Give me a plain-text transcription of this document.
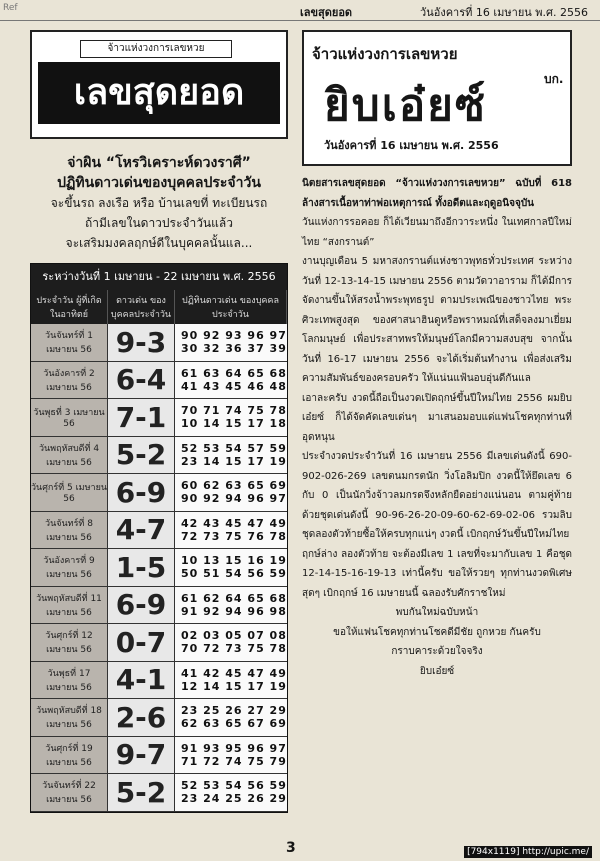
Ref	เลขสุดยอด	วันอังคารที่ 16 เมษายน พ.ศ. 2556
จ้าวแห่งวงการเลขหวย
เลขสุดยอด
จ่าผิน “โหรวิเคราะห์ดวงราศี”
ปฏิทินดาวเด่นของบุคคลประจำวัน
จะขึ้นรถ ลงเรือ หรือ บ้านเลขที่ ทะเบียนรถ
ถ้ามีเลขในดาวประจำวันแล้ว
จะเสริมมงคลฤกษ์ดีในบุคคลนั้นแล...
ระหว่างวันที่ 1 เมษายน - 22 เมษายน พ.ศ. 2556
ประจำวัน ผู้ที่เกิดในอาทิตย์
ดาวเด่น ของบุคคลประจำวัน
ปฏิทินดาวเด่น ของบุคคลประจำวัน
วันจันทร์ที่ 1 เมษายน 56 9-3	90 92 93 96 97
30 32 36 37 39
วันอังคารที่ 2 เมษายน 56 6-4	61 63 64 65 68
41 43 45 46 48
วันพุธที่ 3 เมษายน 56	7-1	70 71 74 75 78
10 14 15 17 18
วันพฤหัสบดีที่ 4 เมษายน 56 5-2	52 53 54 57 59
23 14 15 17 19
วันศุกร์ที่ 5 เมษายน 56	6-9	60 62 63 65 69
90 92 94 96 97
วันจันทร์ที่ 8 เมษายน 56 4-7	42 43 45 47 49
72 73 75 76 78
วันอังคารที่ 9 เมษายน 56 1-5	10 13 15 16 19
50 51 54 56 59
วันพฤหัสบดีที่ 11 เมษายน 56 6-9	61 62 64 65 68
91 92 94 96 98
วันศุกร์ที่ 12 เมษายน 56 0-7	02 03 05 07 08
70 72 73 75 78
วันพุธที่ 17 เมษายน 56 4-1	41 42 45 47 49
12 14 15 17 19
วันพฤหัสบดีที่ 18 เมษายน 56 2-6	23 25 26 27 29
62 63 65 67 69
วันศุกร์ที่ 19 เมษายน 56 9-7	91 93 95 96 97
71 72 74 75 79
วันจันทร์ที่ 22 เมษายน 56 5-2	52 53 54 56 59
23 24 25 26 29
จ้าวแห่งวงการเลขหวย
ยิบเอ๋ยซ์
บก.
วันอังคารที่ 16 เมษายน พ.ศ. 2556

นิตยสารเลขสุดยอด “จ้าวแห่งวงการเลขหวย” ฉบับที่ 618 ล้างสารเนื้อหาท่าพ่อเหตุการณ์ ทั้งอดีตและฤดูอนิจจุบัน

วันแห่งการรอคอย ก็ได้เวียนมาถึงอีกวาระหนึ่ง ในเทศกาลปีใหม่ไทย “สงกรานต์”

งานบุญเดือน 5 มหาสงกรานต์แห่งชาวพุทธทั่วประเทศ ระหว่างวันที่ 12-13-14-15 เมษายน 2556 ตามวัดวาอาราม ก็ได้มีการจัดงานขึ้นให้สรงน้ำพระพุทธรูป ตามประเพณีของชาวไทย พระศิวะเทพสูงสุด ของศาสนาฮินดูหรือพราหมณ์ที่เสด็จลงมาเยี่ยมโลกมนุษย์ เพื่อประสาทพรให้มนุษย์โลกมีความสงบสุข จากนั้น วันที่ 16-17 เมษายน 2556 จะได้เริ่มต้นทำงาน เพื่อส่งเสริมความสัมพันธ์ของครอบครัว ให้แน่นแฟ้นอบอุ่นดีกันแล

เอาละครับ งวดนี้ถือเป็นงวดเปิดฤกษ์ขึ้นปีใหม่ไทย 2556 ผมยิบเอ๋ยซ์ ก็ได้จัดคัดเลขเด่นๆ มาเสนอมอบแด่แฟนโชคทุกท่านที่อุดหนุน

ประจำงวดประจำวันที่ 16 เมษายน 2556 มีเลขเด่นดังนี้ 690-902-026-269 เลขตนมกรตนัก วิ่งโอลิมปิก งวดนี้ให้ยึดเลข 6 กับ 0 เป็นนักวิ่งจ้าวลมกรดจึงหลักยืดอย่างแน่นอน ตามคู่ท้ายด้วยชุดเด่นดังนี้ 90-96-26-20-09-60-62-69-02-06 รวมลิบชุดลองตัวท้ายซื้อให้ครบทุกแน่ๆ งวดนี้ เบิกฤกษ์วันขึ้นปีใหม่ไทย

ฤกษ์ล่าง ลองตัวท้าย จะต้องมีเลข 1 เลขที่จะมากับเลข 1 คือชุด 12-14-15-16-19-13 เท่านี้ครับ ขอให้รวยๆ ทุกท่านงวดพิเศษสุดๆ เบิกฤกษ์ 16 เมษายนนี้ ฉลองรับศักราชใหม่

พบกันใหม่ฉบับหน้า

ขอให้แฟนโชคทุกท่านโชคดีมีชัย ถูกหวย กันครับ

กราบคาระด้วยใจจริง

ยิบเอ๋ยซ์

3	[794x1119] http://upic.me/
